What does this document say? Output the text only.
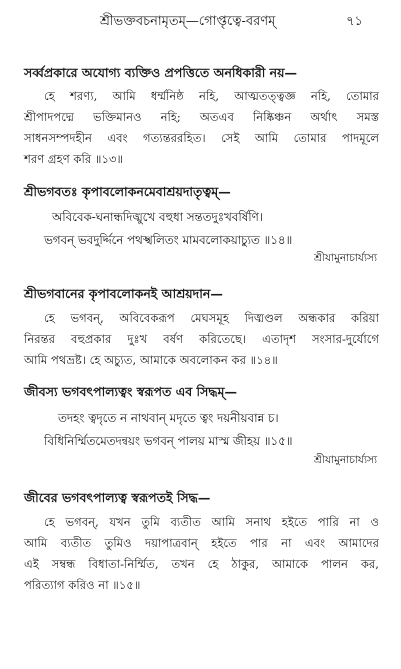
শ্রীভক্তবচনামৃতম্—গোপ্তৃত্বে-বরণম্	৭১
সর্ব্বপ্রকারে অযোগ্য ব্যক্তিও প্রপত্তিতে অনধিকারী নয়—
হে শরণ্য, আমি ধর্ম্মনিষ্ঠ নহি, আত্মতত্ত্বজ্ঞ নহি, তোমার
শ্রীপাদপদ্মে ভক্তিমানও নহি; অতএব নিষ্কিঞ্চন অর্থাৎ সমস্ত
সাধনসম্পদহীন এবং গত্যন্তররহিত। সেই আমি তোমার পাদমূলে
শরণ গ্রহণ করি ॥১৩॥
শ্রীভগবতঃ কৃপাবলোকনমেবাশ্রয়দাতৃত্বম্—
অবিবেক-ঘনান্ধদিঙ্মুখে বহুধা সন্ততদুঃখবর্ষিণি।
ভগবন্ ভবদুর্দ্দিনে পথস্খলিতং মামবলোকয়াচ্যুত ॥১৪॥
শ্রীযামুনাচার্য্যস্য
শ্রীভগবানের কৃপাবলোকনই আশ্রয়দান—
হে ভগবন্, অবিবেকরূপ মেঘসমূহ দিঙ্মণ্ডল অন্ধকার করিয়া
নিরন্তর বহুপ্রকার দুঃখ বর্ষণ করিতেছে। এতাদৃশ সংসার-দুর্যোগে
আমি পথভ্রষ্ট। হে অচ্যুত, আমাকে অবলোকন কর ॥১৪॥
জীবস্য ভগবৎপাল্যত্বং স্বরূপত এব সিদ্ধম্—
তদহং ত্বদৃতে ন নাথবান্ মদৃতে ত্বং দয়নীয়বান্ন চ।
বিধিনির্ম্মিতমেতদন্বয়ং ভগবন্ পালয় মাস্ম জীহয় ॥১৫॥
শ্রীযামুনাচার্য্যস্য
জীবের ভগবৎপাল্যত্ব স্বরূপতই সিদ্ধ—
হে ভগবন্, যখন তুমি ব্যতীত আমি সনাথ হইতে পারি না ও
আমি ব্যতীত তুমিও দয়াপাত্রবান্ হইতে পার না এবং আমাদের
এই সম্বন্ধ বিধাতা-নির্ম্মিত, তখন হে ঠাকুর, আমাকে পালন কর,
পরিত্যাগ করিও না ॥১৫॥
